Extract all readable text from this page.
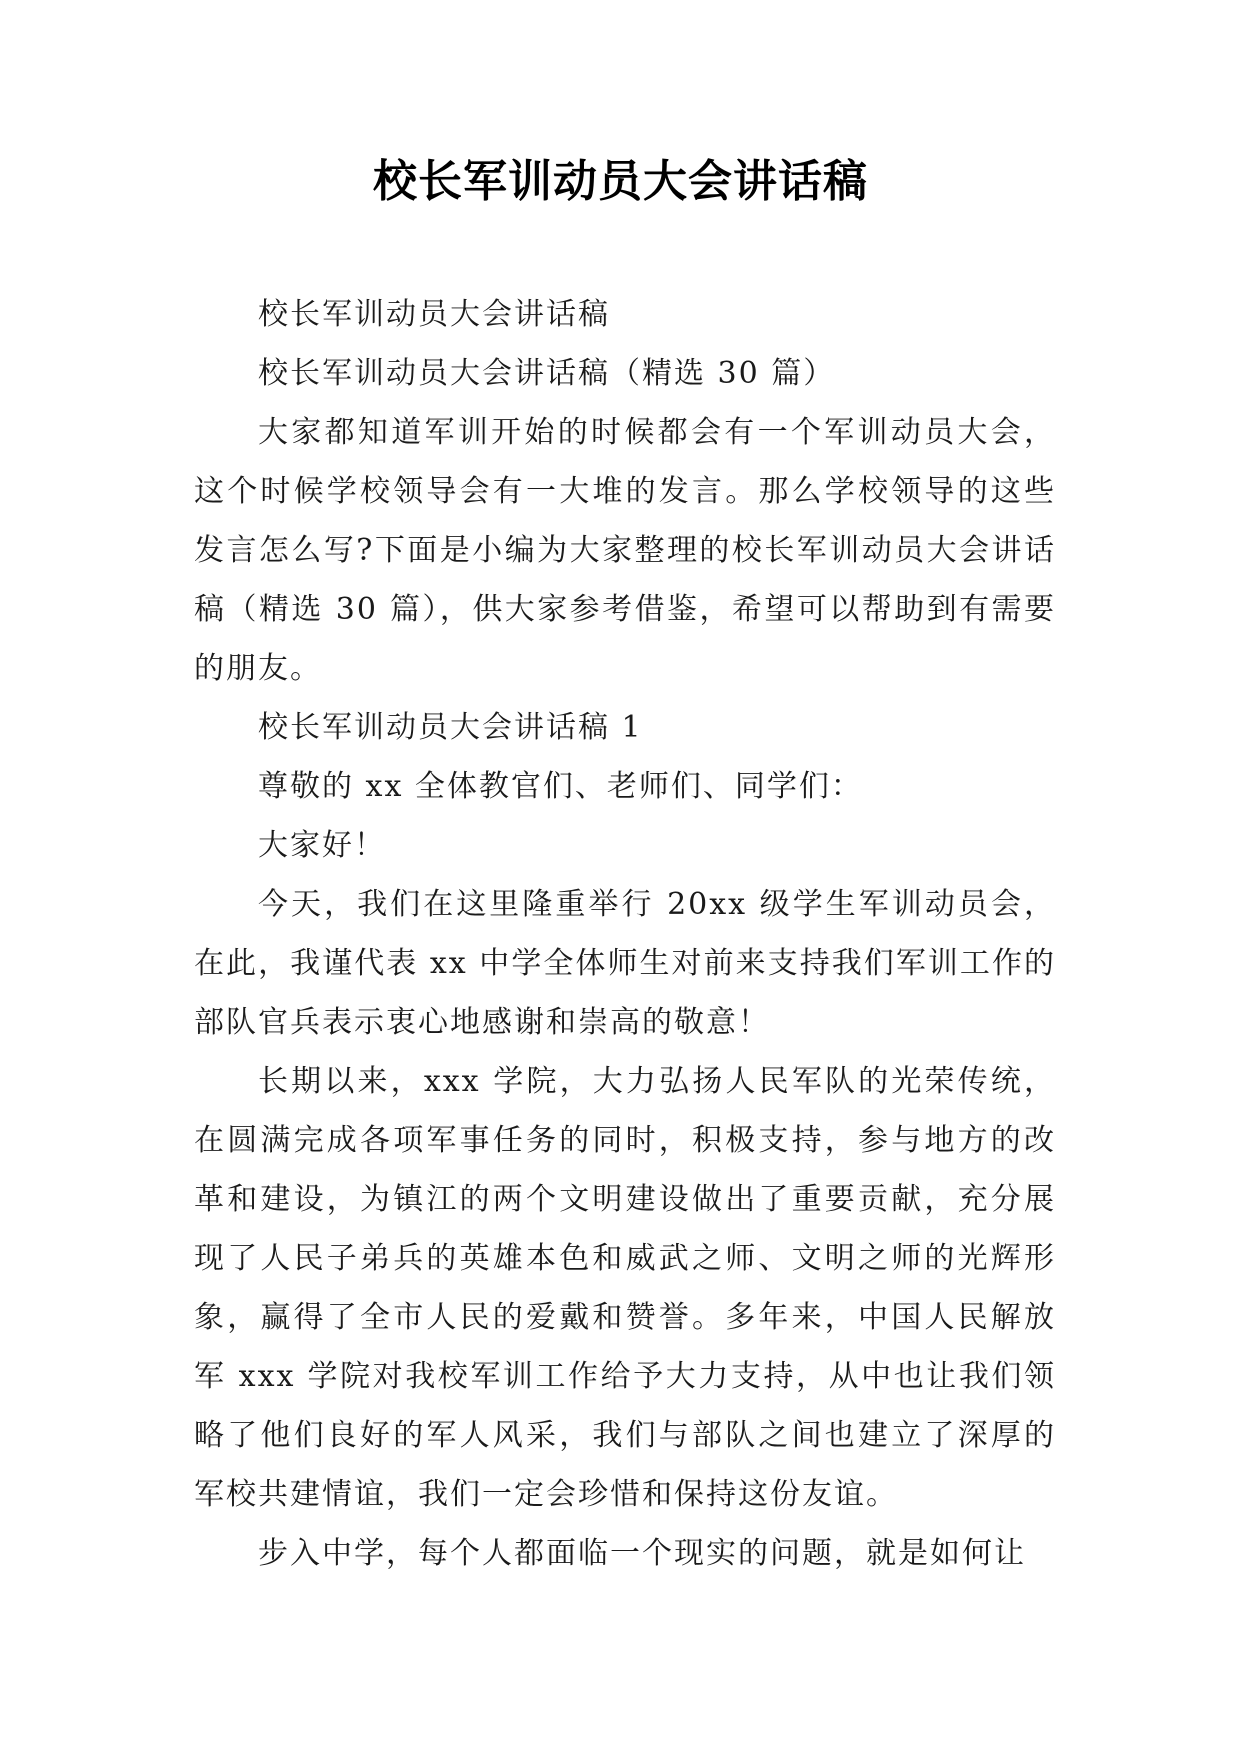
校长军训动员大会讲话稿

校长军训动员大会讲话稿

校长军训动员大会讲话稿（精选 30 篇）

大家都知道军训开始的时候都会有一个军训动员大会，这个时候学校领导会有一大堆的发言。那么学校领导的这些发言怎么写?下面是小编为大家整理的校长军训动员大会讲话稿（精选 30 篇），供大家参考借鉴，希望可以帮助到有需要的朋友。

校长军训动员大会讲话稿 1

尊敬的 xx 全体教官们、老师们、同学们：

大家好！

今天，我们在这里隆重举行 20xx 级学生军训动员会，在此，我谨代表 xx 中学全体师生对前来支持我们军训工作的部队官兵表示衷心地感谢和崇高的敬意！

长期以来，xxx 学院，大力弘扬人民军队的光荣传统，在圆满完成各项军事任务的同时，积极支持，参与地方的改革和建设，为镇江的两个文明建设做出了重要贡献，充分展现了人民子弟兵的英雄本色和威武之师、文明之师的光辉形象，赢得了全市人民的爱戴和赞誉。多年来，中国人民解放军 xxx 学院对我校军训工作给予大力支持，从中也让我们领略了他们良好的军人风采，我们与部队之间也建立了深厚的军校共建情谊，我们一定会珍惜和保持这份友谊。

步入中学，每个人都面临一个现实的问题，就是如何让
